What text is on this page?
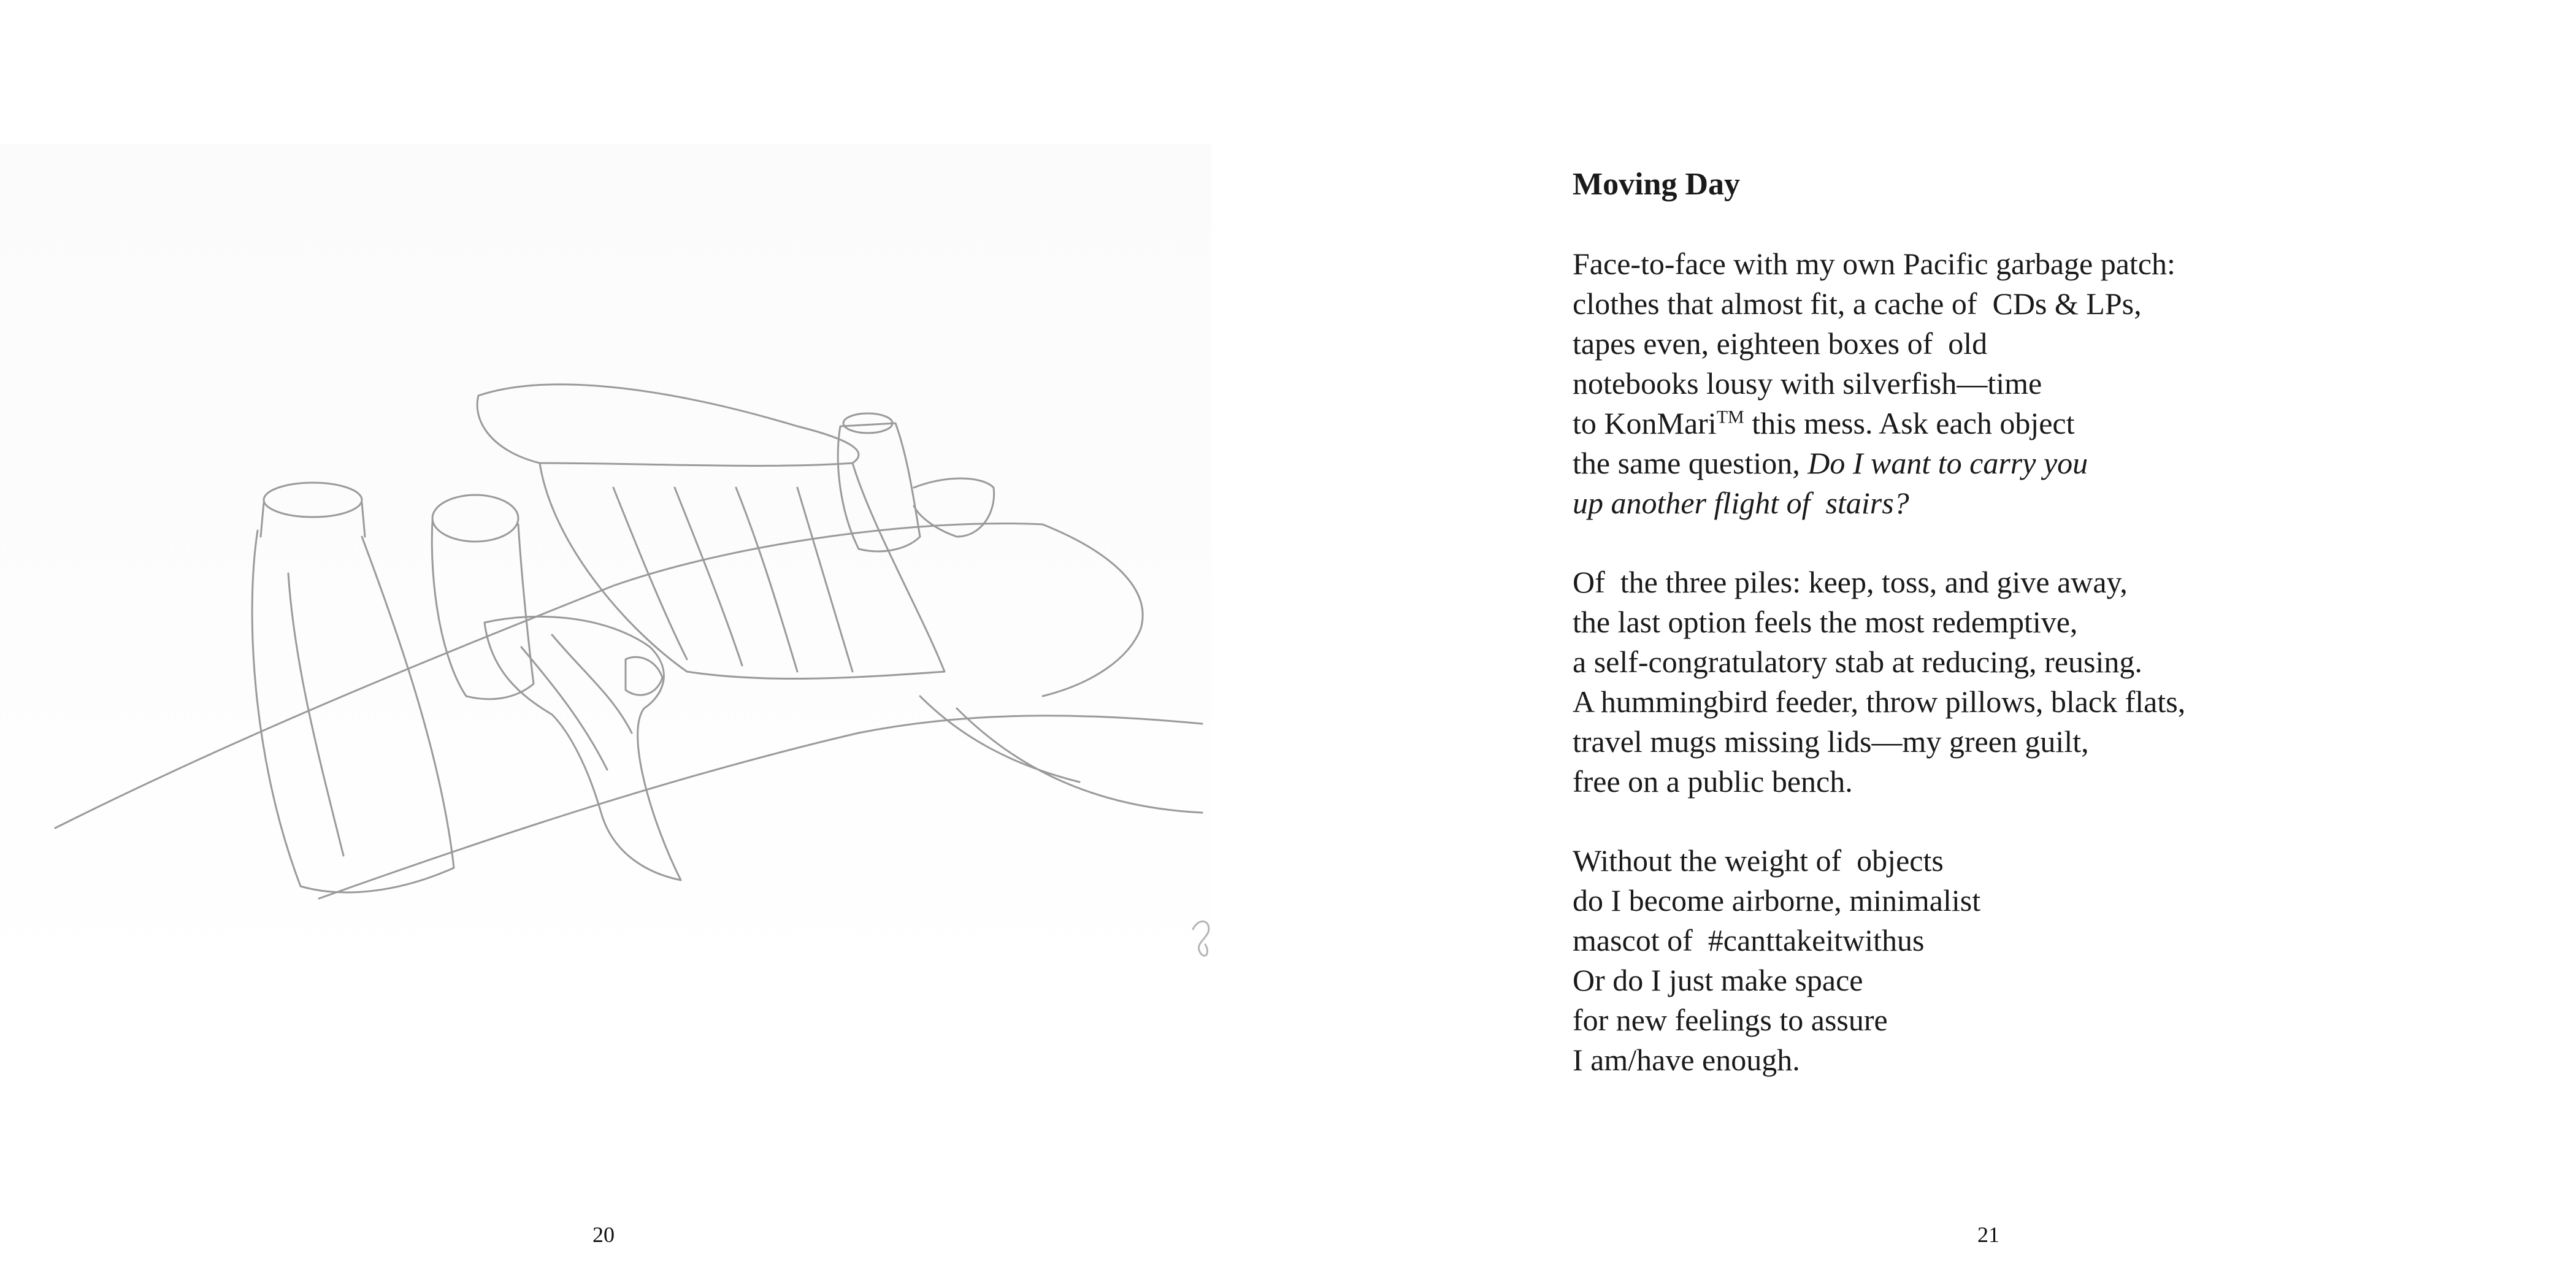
20
Moving Day
Face-to-face with my own Pacific garbage patch:
clothes that almost fit, a cache of  CDs & LPs,
tapes even, eighteen boxes of  old
notebooks lousy with silverfish—time
to KonMari™ this mess. Ask each object
the same question, Do I want to carry you
up another flight of  stairs?
Of  the three piles: keep, toss, and give away,
the last option feels the most redemptive,
a self-congratulatory stab at reducing, reusing.
A hummingbird feeder, throw pillows, black flats,
travel mugs missing lids—my green guilt,
free on a public bench.
Without the weight of  objects
do I become airborne, minimalist
mascot of  #canttakeitwithus
Or do I just make space
for new feelings to assure
I am/have enough.
21
